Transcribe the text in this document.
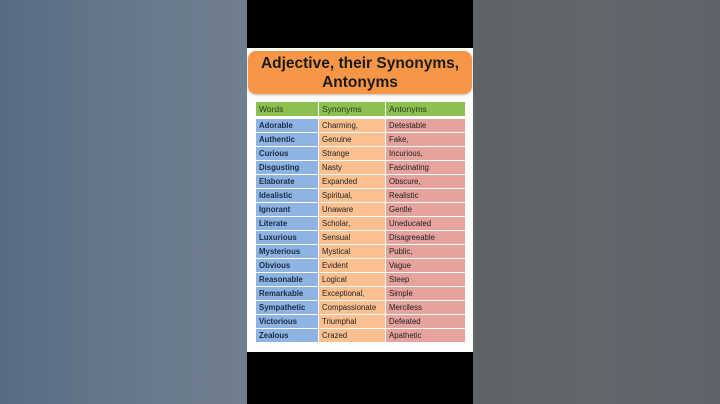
Adjective, their Synonyms, Antonyms
Words	Synonyms	Antonyms
Adorable	Charming,	Detestable
Authentic	Genuine	Fake,
Curious	Strange	Incurious,
Disgusting	Nasty	Fascinating
Elaborate	Expanded	Obscure,
Idealistic	Spiritual,	Realistic
Ignorant	Unaware	Gentle
Literate	Scholar,	Uneducated
Luxurious	Sensual	Disagreeable
Mysterious	Mystical	Public,
Obvious	Evident	Vague
Reasonable	Logical	Steep
Remarkable	Exceptional,	Simple
Sympathetic	Compassionate	Merciless
Victorious	Triumphal	Defeated
Zealous	Crazed	Apathetic
